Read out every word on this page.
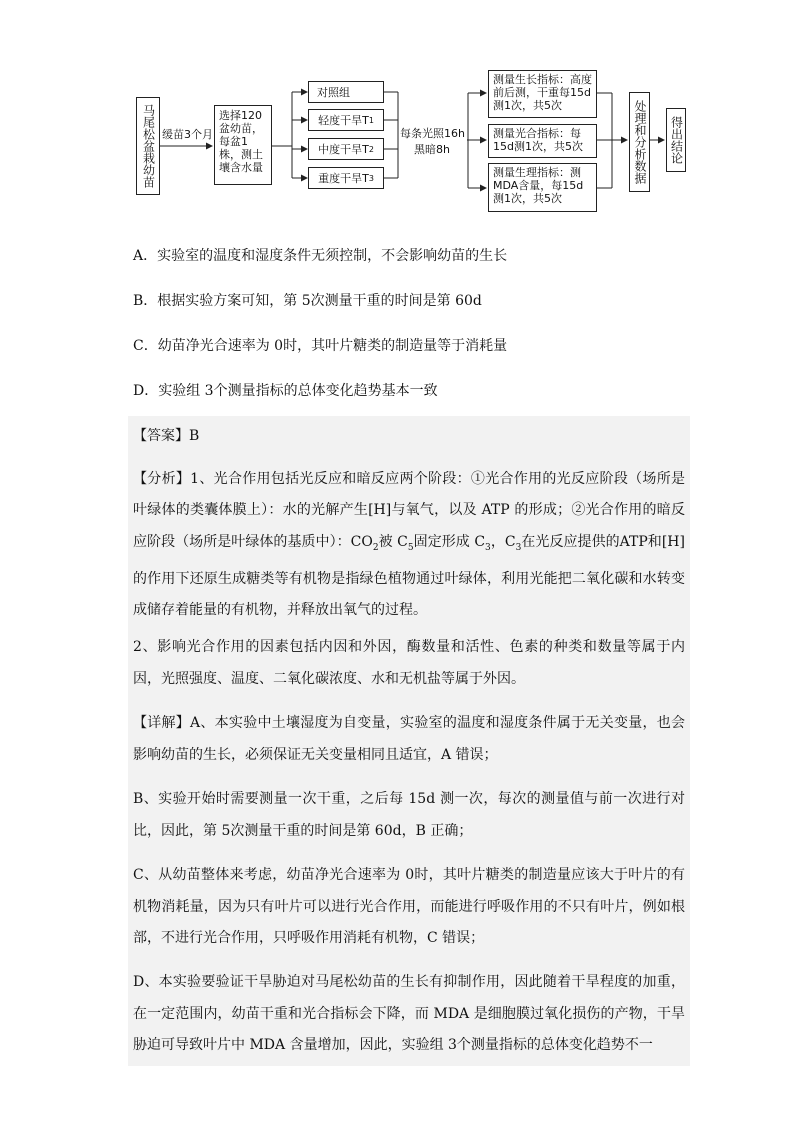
马尾松盆栽幼苗 缓苗3个月
选择120盆幼苗，每盆1株，测土壤含水量
对照组
轻度干旱T 1
中度干旱T 2
重度干旱T 3
每条光照16h
黑暗8h
测量生长指标：高度前后测，干重每15d测1次，共5次
测量光合指标：每15d测1次，共5次
测量生理指标：测MDA含量，每15d测1次，共5次
处理和分析数据 得出结论
A．实验室的温度和湿度条件无须控制，不会影响幼苗的生长
B．根据实验方案可知，第 5次测量干重的时间是第 60d
C．幼苗净光合速率为 0时，其叶片糖类的制造量等于消耗量
D．实验组 3个测量指标的总体变化趋势基本一致
【答案】B

【分析】1、光合作用包括光反应和暗反应两个阶段：①光合作用的光反应阶段（场所是叶绿体的类囊体膜上）：水的光解产生[H]与氧气，以及 ATP 的形成；②光合作用的暗反应阶段（场所是叶绿体的基质中）：$CO_2$被 $C_5$固定形成 $C_3$，$C_3$在光反应提供的ATP和[H]的作用下还原生成糖类等有机物是指绿色植物通过叶绿体，利用光能把二氧化碳和水转变成储存着能量的有机物，并释放出氧气的过程。
2、影响光合作用的因素包括内因和外因，酶数量和活性、色素的种类和数量等属于内因，光照强度、温度、二氧化碳浓度、水和无机盐等属于外因。
【详解】A、本实验中土壤湿度为自变量，实验室的温度和湿度条件属于无关变量，也会影响幼苗的生长，必须保证无关变量相同且适宜，A 错误；
B、实验开始时需要测量一次干重，之后每 15d 测一次，每次的测量值与前一次进行对比，因此，第 5次测量干重的时间是第 60d，B 正确；
C、从幼苗整体来考虑，幼苗净光合速率为 0时，其叶片糖类的制造量应该大于叶片的有机物消耗量，因为只有叶片可以进行光合作用，而能进行呼吸作用的不只有叶片，例如根部，不进行光合作用，只呼吸作用消耗有机物，C 错误；
D、本实验要验证干旱胁迫对马尾松幼苗的生长有抑制作用，因此随着干旱程度的加重，在一定范围内，幼苗干重和光合指标会下降，而 MDA 是细胞膜过氧化损伤的产物，干旱胁迫可导致叶片中 MDA 含量增加，因此，实验组 3个测量指标的总体变化趋势不一
